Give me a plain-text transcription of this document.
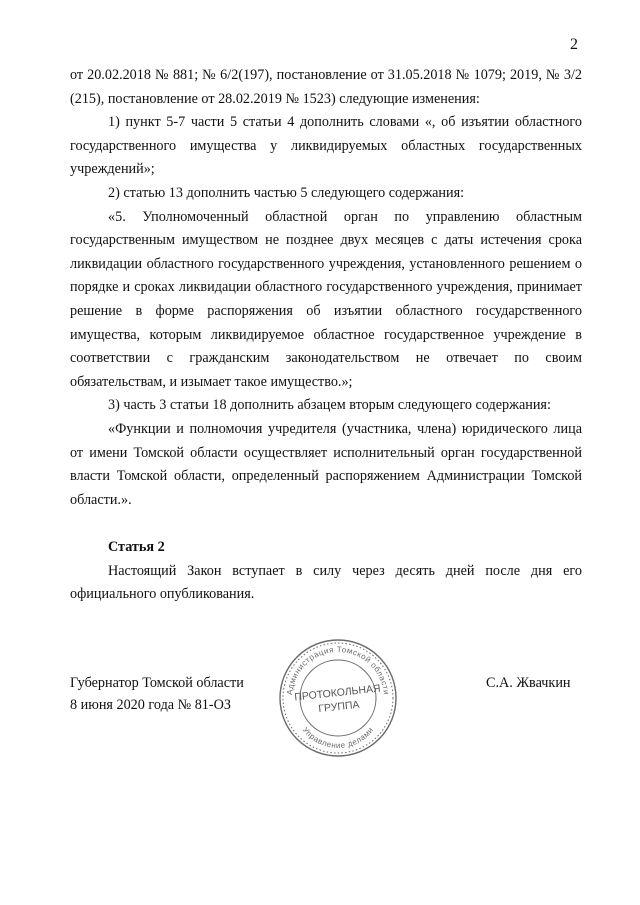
2

от 20.02.2018 № 881; № 6/2(197), постановление от 31.05.2018 № 1079; 2019, № 3/2 (215), постановление от 28.02.2019 № 1523) следующие изменения:

1) пункт 5-7 части 5 статьи 4 дополнить словами «, об изъятии областного государственного имущества у ликвидируемых областных государственных учреждений»;

2) статью 13 дополнить частью 5 следующего содержания:

«5. Уполномоченный областной орган по управлению областным государственным имуществом не позднее двух месяцев с даты истечения срока ликвидации областного государственного учреждения, установленного решением о порядке и сроках ликвидации областного государственного учреждения, принимает решение в форме распоряжения об изъятии областного государственного имущества, которым ликвидируемое областное государственное учреждение в соответствии с гражданским законодательством не отвечает по своим обязательствам, и изымает такое имущество.»;

3) часть 3 статьи 18 дополнить абзацем вторым следующего содержания:

«Функции и полномочия учредителя (участника, члена) юридического лица от имени Томской области осуществляет исполнительный орган государственной власти Томской области, определенный распоряжением Администрации Томской области.».

Статья 2

Настоящий Закон вступает в силу через десять дней после дня его официального опубликования.

Губернатор Томской области
8 июня 2020 года № 81-ОЗ
С.А. Жвачкин
Администрация Томской области
Управление делами
ПРОТОКОЛЬНАЯ
ГРУППА
